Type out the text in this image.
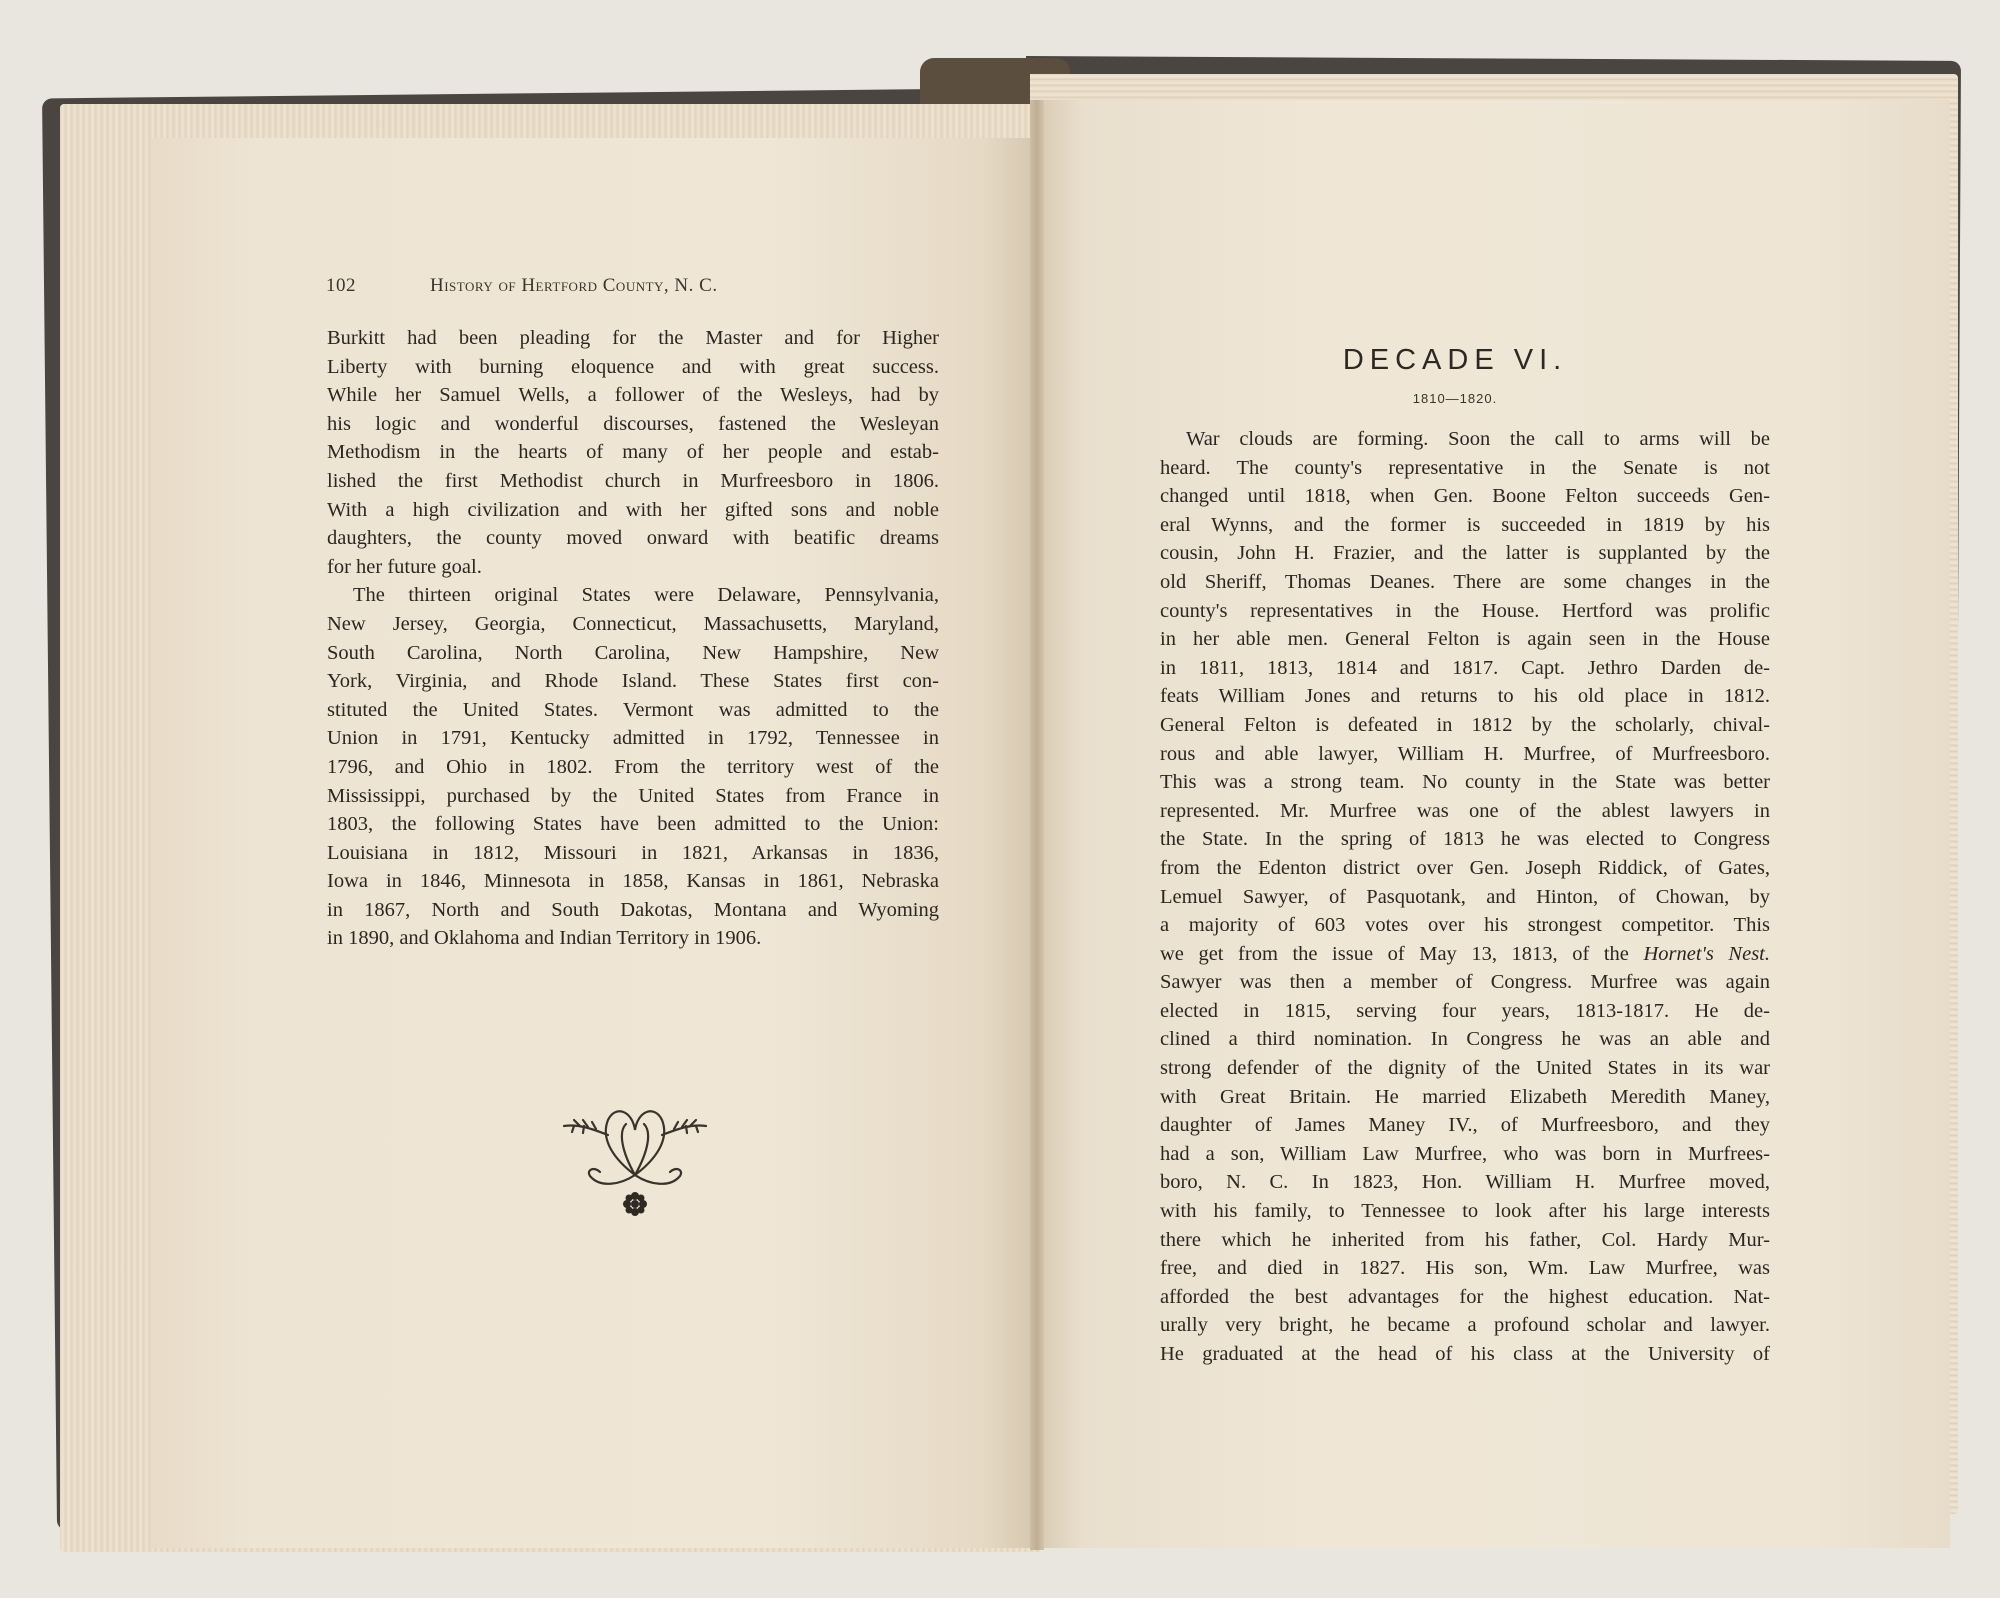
102	History of Hertford County, N. C.
Burkitt had been pleading for the Master and for Higher
Liberty with burning eloquence and with great success.
While her Samuel Wells, a follower of the Wesleys, had by
his logic and wonderful discourses, fastened the Wesleyan
Methodism in the hearts of many of her people and estab-
lished the first Methodist church in Murfreesboro in 1806.
With a high civilization and with her gifted sons and noble
daughters, the county moved onward with beatific dreams
for her future goal.
The thirteen original States were Delaware, Pennsylvania,
New Jersey, Georgia, Connecticut, Massachusetts, Maryland,
South Carolina, North Carolina, New Hampshire, New
York, Virginia, and Rhode Island. These States first con-
stituted the United States. Vermont was admitted to the
Union in 1791, Kentucky admitted in 1792, Tennessee in
1796, and Ohio in 1802. From the territory west of the
Mississippi, purchased by the United States from France in
1803, the following States have been admitted to the Union:
Louisiana in 1812, Missouri in 1821, Arkansas in 1836,
Iowa in 1846, Minnesota in 1858, Kansas in 1861, Nebraska
in 1867, North and South Dakotas, Montana and Wyoming
in 1890, and Oklahoma and Indian Territory in 1906.
DECADE VI.
1810—1820.
War clouds are forming. Soon the call to arms will be
heard. The county's representative in the Senate is not
changed until 1818, when Gen. Boone Felton succeeds Gen-
eral Wynns, and the former is succeeded in 1819 by his
cousin, John H. Frazier, and the latter is supplanted by the
old Sheriff, Thomas Deanes. There are some changes in the
county's representatives in the House. Hertford was prolific
in her able men. General Felton is again seen in the House
in 1811, 1813, 1814 and 1817. Capt. Jethro Darden de-
feats William Jones and returns to his old place in 1812.
General Felton is defeated in 1812 by the scholarly, chival-
rous and able lawyer, William H. Murfree, of Murfreesboro.
This was a strong team. No county in the State was better
represented. Mr. Murfree was one of the ablest lawyers in
the State. In the spring of 1813 he was elected to Congress
from the Edenton district over Gen. Joseph Riddick, of Gates,
Lemuel Sawyer, of Pasquotank, and Hinton, of Chowan, by
a majority of 603 votes over his strongest competitor. This
we get from the issue of May 13, 1813, of the Hornet's Nest.
Sawyer was then a member of Congress. Murfree was again
elected in 1815, serving four years, 1813-1817. He de-
clined a third nomination. In Congress he was an able and
strong defender of the dignity of the United States in its war
with Great Britain. He married Elizabeth Meredith Maney,
daughter of James Maney IV., of Murfreesboro, and they
had a son, William Law Murfree, who was born in Murfrees-
boro, N. C. In 1823, Hon. William H. Murfree moved,
with his family, to Tennessee to look after his large interests
there which he inherited from his father, Col. Hardy Mur-
free, and died in 1827. His son, Wm. Law Murfree, was
afforded the best advantages for the highest education. Nat-
urally very bright, he became a profound scholar and lawyer.
He graduated at the head of his class at the University of
